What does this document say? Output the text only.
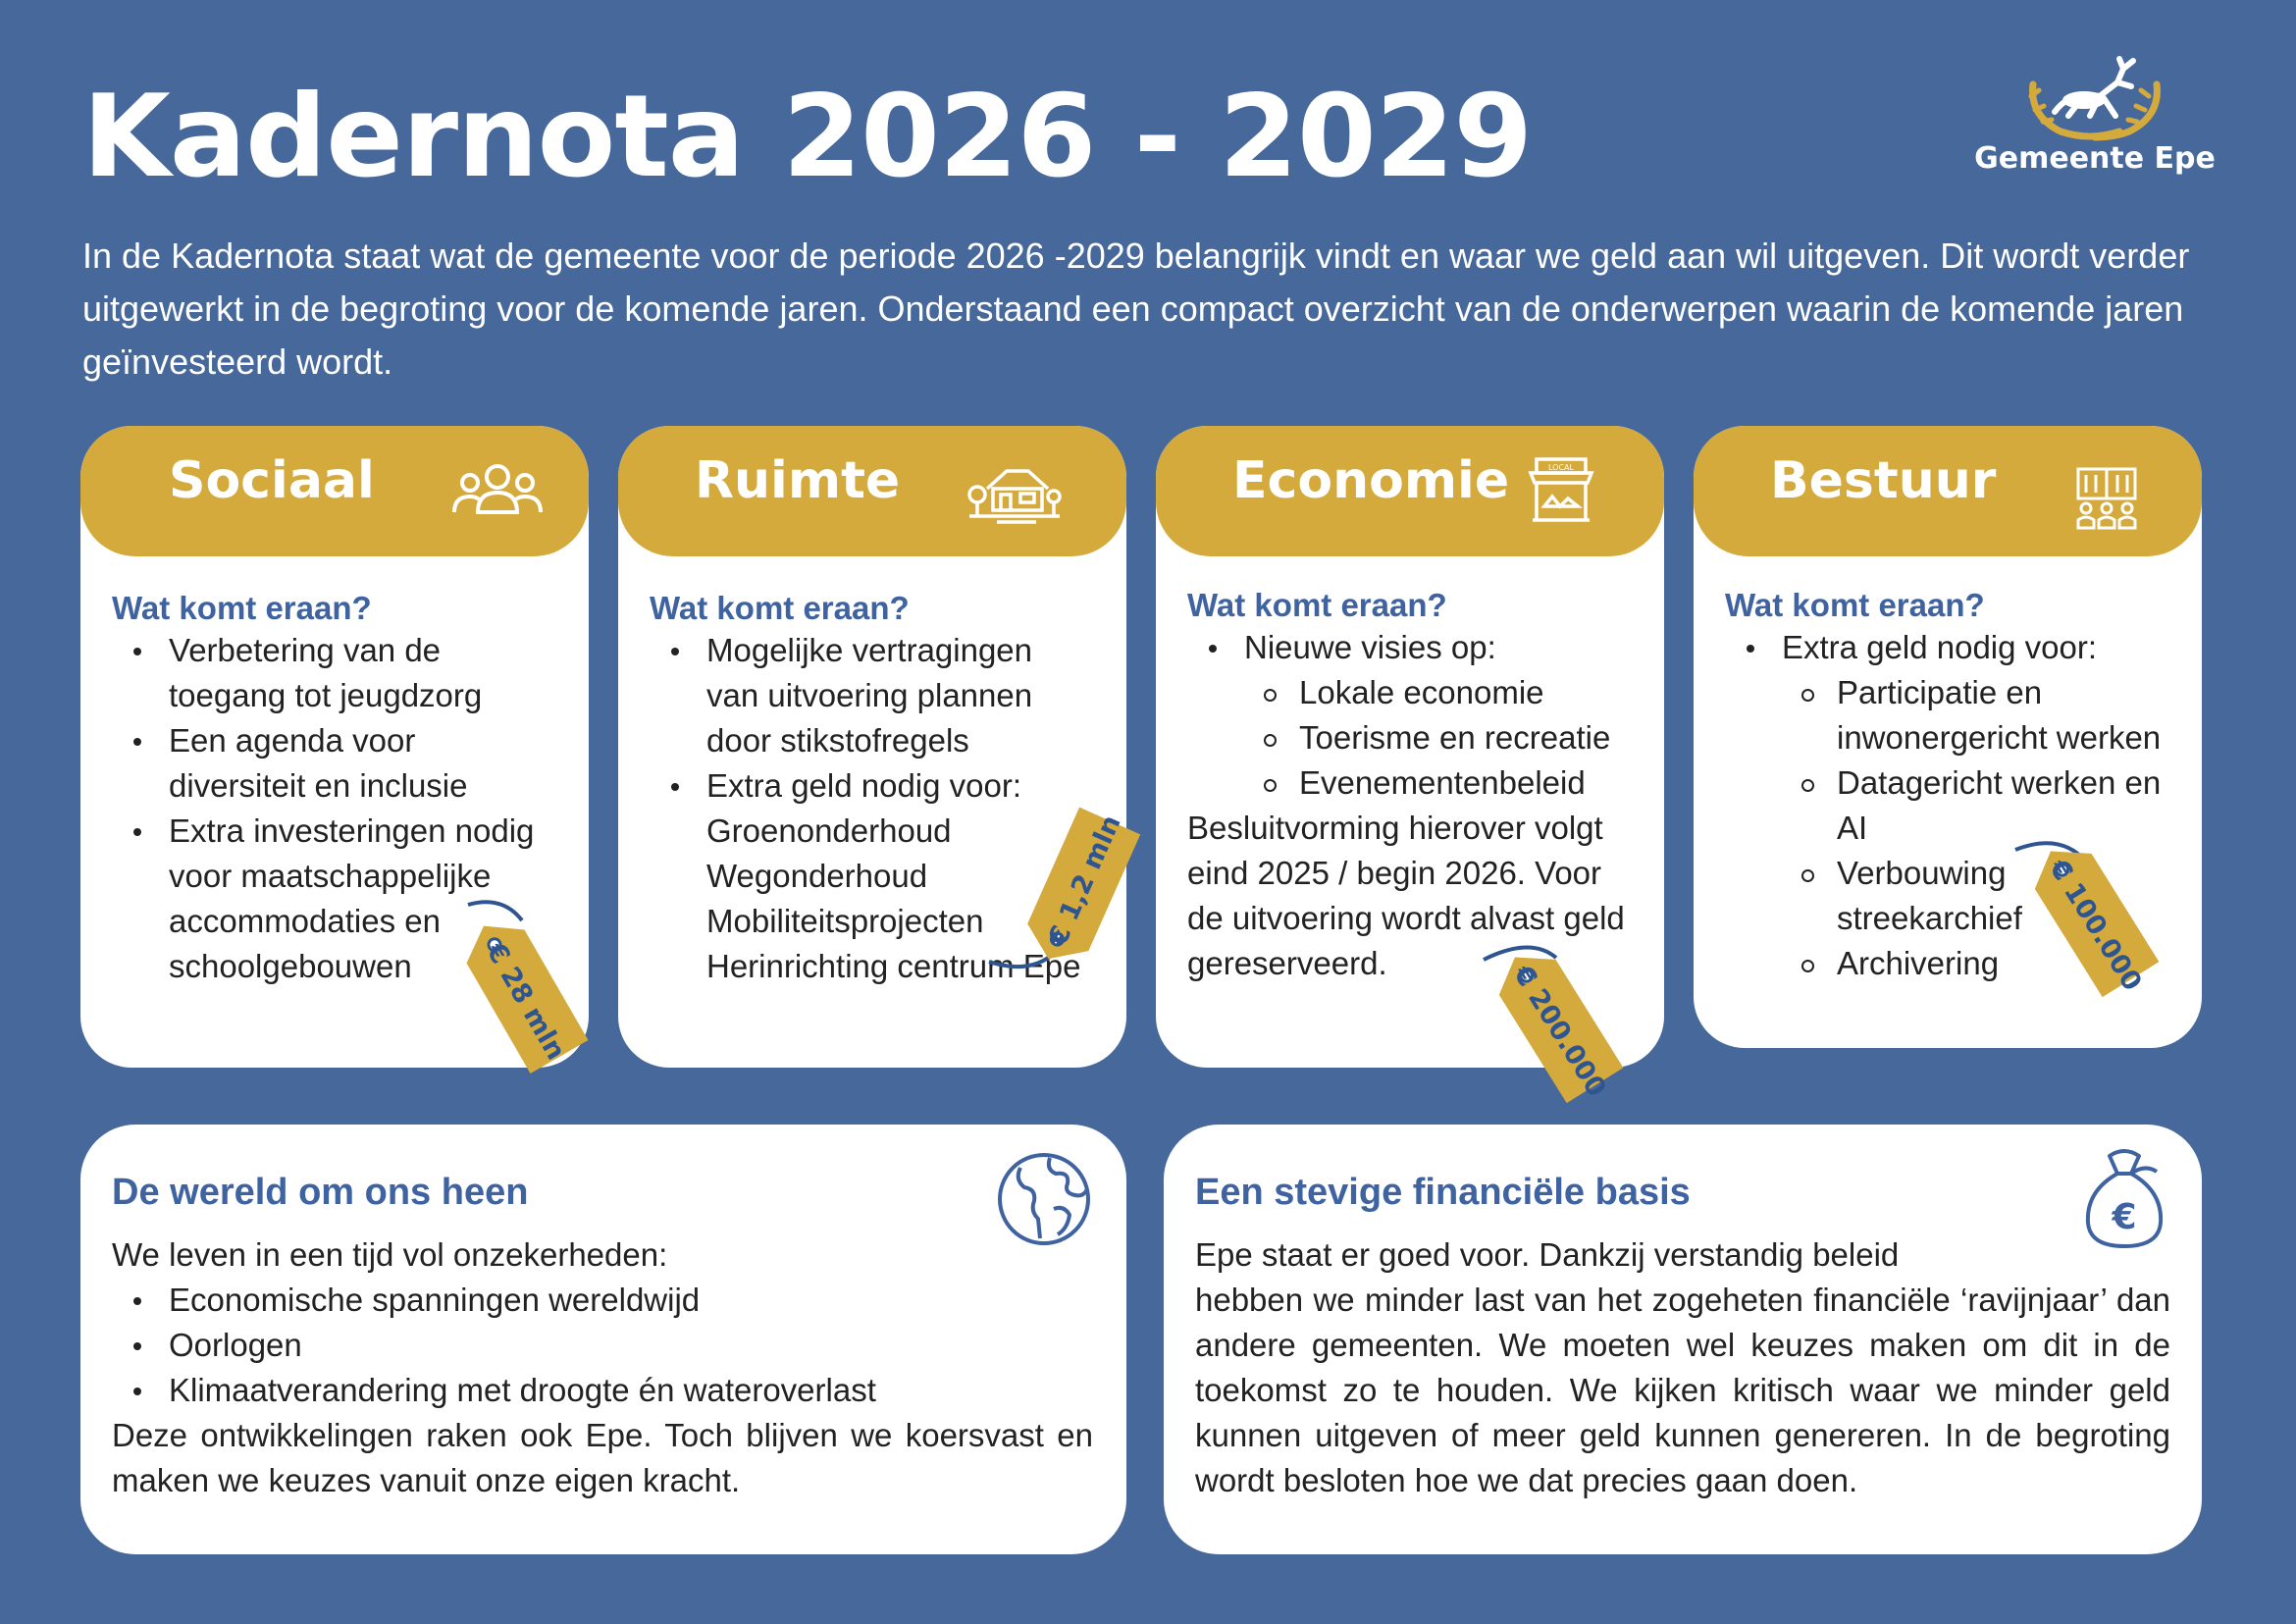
Kadernota 2026 - 2029

In de Kadernota staat wat de gemeente voor de periode 2026 -2029 belangrijk vindt en waar we geld aan wil uitgeven. Dit wordt verder uitgewerkt in de begroting voor de komende jaren. Onderstaand een compact overzicht van de onderwerpen waarin de komende jaren geïnvesteerd wordt.

Gemeente Epe
Sociaal
Wat komt eraan?
Verbetering van de
toegang tot jeugdzorg
Een agenda voor
diversiteit en inclusie
Extra investeringen nodig
voor maatschappelijke
accommodaties en
schoolgebouwen	€ 28 mln
Ruimte
Wat komt eraan?
Mogelijke vertragingen
van uitvoering plannen
door stikstofregels
Extra geld nodig voor:
Groenonderhoud
Wegonderhoud
Mobiliteitsprojecten
Herinrichting centrum Epe
€ 1,2 mln
Economie	LOCAL
Wat komt eraan?
Nieuwe visies op:
Lokale economie
Toerisme en recreatie
Evenementenbeleid
Besluitvorming hierover volgt
eind 2025 / begin 2026. Voor
de uitvoering wordt alvast geld
gereserveerd.	€ 200.000
Bestuur
Wat komt eraan?
Extra geld nodig voor:
Participatie en
inwonergericht werken
Datagericht werken en
AI
Verbouwing
streekarchief
Archivering	€ 100.000
De wereld om ons heen

We leven in een tijd vol onzekerheden:

Economische spanningen wereldwijd
Oorlogen
Klimaatverandering met droogte én wateroverlast

Deze ontwikkelingen raken ook Epe. Toch blijven we koersvast en maken we keuzes vanuit onze eigen kracht.

Een stevige financiële basis
€

Epe staat er goed voor. Dankzij verstandig beleid

hebben we minder last van het zogeheten financiële ‘ravijnjaar’ dan andere gemeenten. We moeten wel keuzes maken om dit in de toekomst zo te houden. We kijken kritisch waar we minder geld kunnen uitgeven of meer geld kunnen genereren. In de begroting wordt besloten hoe we dat precies gaan doen.
